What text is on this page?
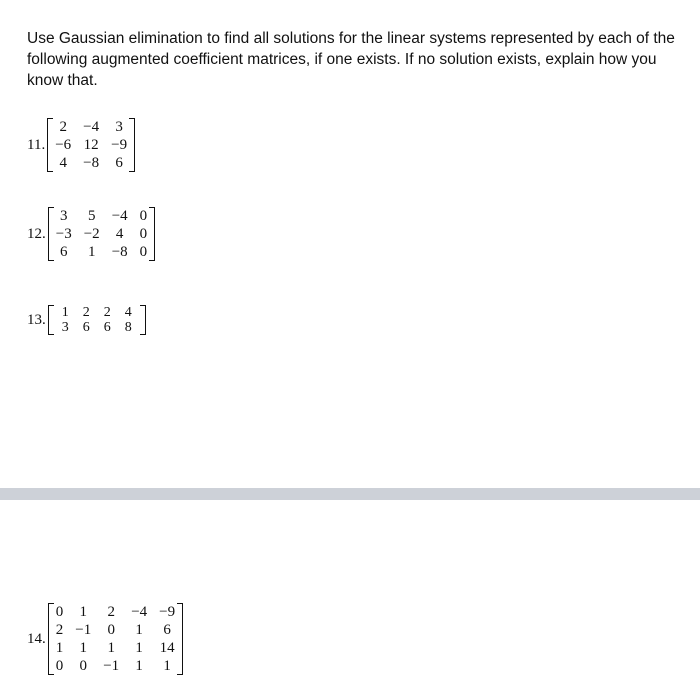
Use Gaussian elimination to find all solutions for the linear systems represented by each of the following augmented coefficient matrices, if one exists. If no solution exists, explain how you know that.
11.
2	−4	3
−6	12	−9
4	−8	6
12.
3	5	−4	0
−3	−2	4	0
6	1	−8	0
13. 1	2	2	4
3	6	6	8
14.
0	1	2	−4	−9
2	−1	0	1	6
1	1	1	1	14
0	0	−1	1	1
